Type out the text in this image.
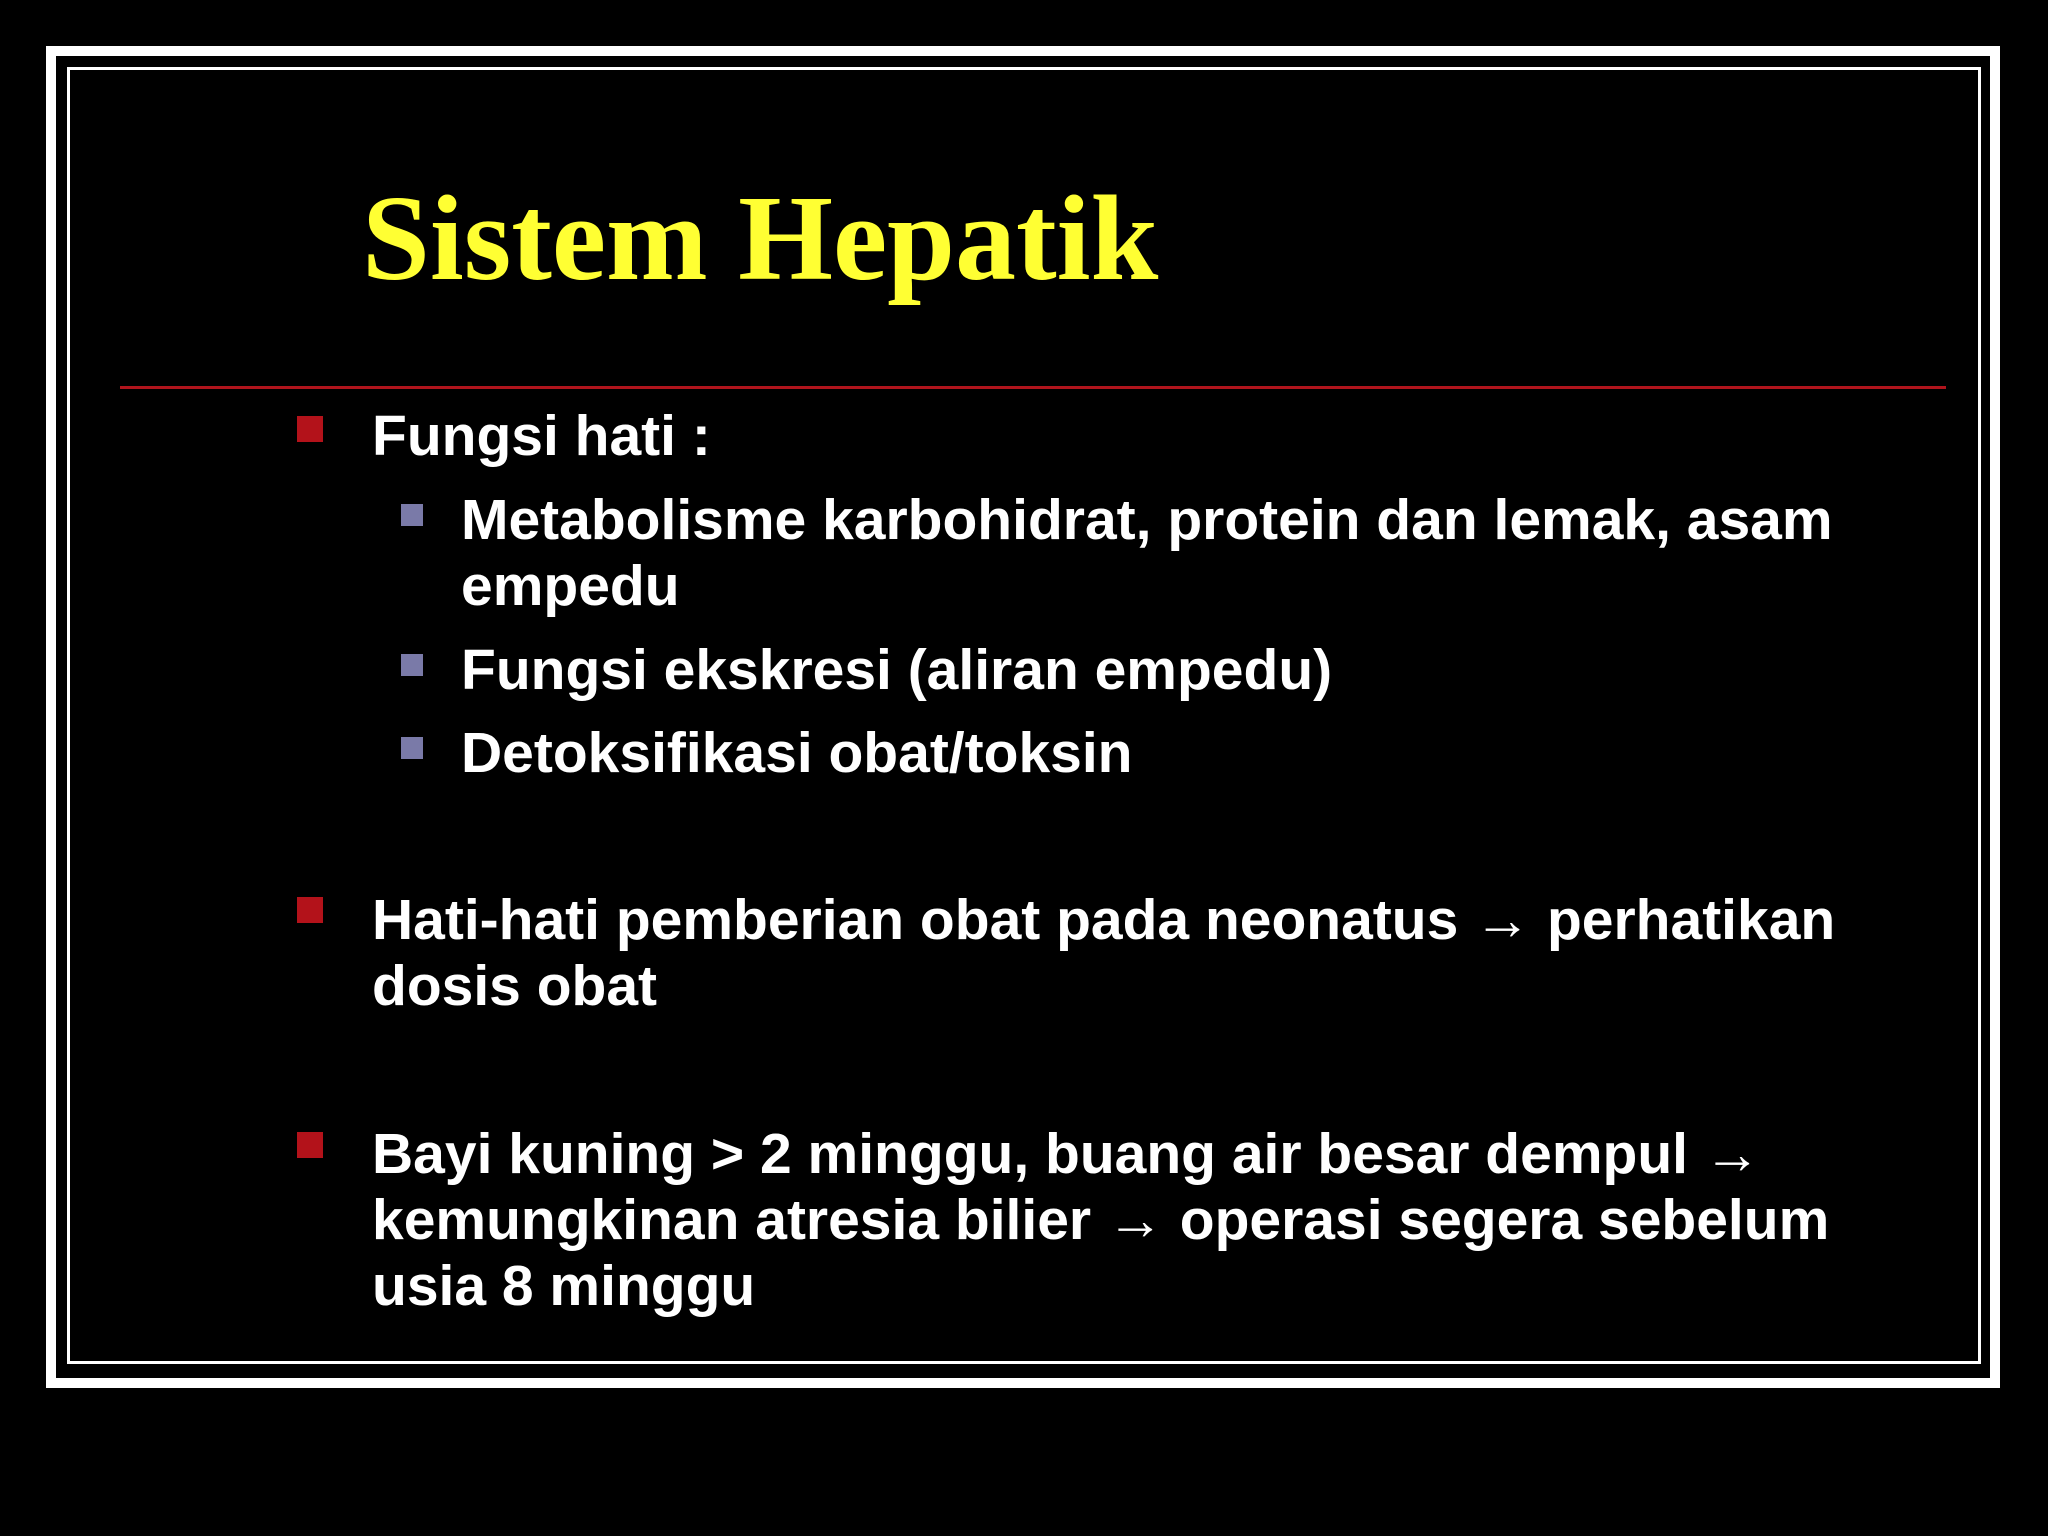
Sistem Hepatik
Fungsi hati :
Metabolisme karbohidrat, protein dan lemak, asam
empedu
Fungsi ekskresi (aliran empedu)
Detoksifikasi obat/toksin
Hati-hati pemberian obat pada neonatus → perhatikan
dosis obat
Bayi kuning > 2 minggu, buang air besar dempul →
kemungkinan atresia bilier → operasi segera sebelum
usia 8 minggu
